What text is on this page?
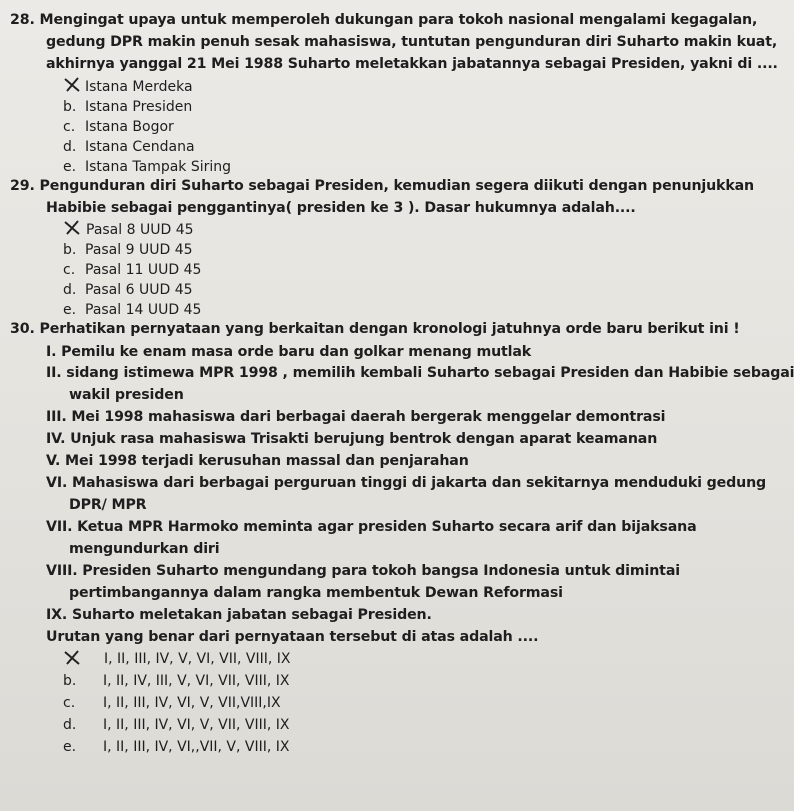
28. Mengingat upaya untuk memperoleh dukungan para tokoh nasional mengalami kegagalan,
gedung DPR makin penuh sesak mahasiswa, tuntutan pengunduran diri Suharto makin kuat,
akhirnya yanggal 21 Mei 1988 Suharto meletakkan jabatannya sebagai Presiden, yakni di ....
Istana Merdeka
b. Istana Presiden
c. Istana Bogor
d. Istana Cendana
e. Istana Tampak Siring
29. Pengunduran diri Suharto sebagai Presiden, kemudian segera diikuti dengan penunjukkan
Habibie sebagai penggantinya( presiden ke 3 ). Dasar hukumnya adalah....
Pasal 8 UUD 45
b. Pasal 9 UUD 45
c. Pasal 11 UUD 45
d. Pasal 6 UUD 45
e. Pasal 14 UUD 45
30. Perhatikan pernyataan yang berkaitan dengan kronologi jatuhnya orde baru berikut ini !
I. Pemilu ke enam masa orde baru dan golkar menang mutlak
II. sidang istimewa MPR 1998 , memilih kembali Suharto sebagai Presiden dan Habibie sebagai
wakil presiden
III. Mei 1998 mahasiswa dari berbagai daerah bergerak menggelar demontrasi
IV. Unjuk rasa mahasiswa Trisakti berujung bentrok dengan aparat keamanan
V. Mei 1998 terjadi kerusuhan massal dan penjarahan
VI. Mahasiswa dari berbagai perguruan tinggi di jakarta dan sekitarnya menduduki gedung
DPR/ MPR
VII. Ketua MPR Harmoko meminta agar presiden Suharto secara arif dan bijaksana
mengundurkan diri
VIII. Presiden Suharto mengundang para tokoh bangsa Indonesia untuk dimintai
pertimbangannya dalam rangka membentuk Dewan Reformasi
IX. Suharto meletakan jabatan sebagai Presiden.
Urutan yang benar dari pernyataan tersebut di atas adalah ....
I, II, III, IV, V, VI, VII, VIII, IX
b. I, II, IV, III, V, VI, VII, VIII, IX
c. I, II, III, IV, VI, V, VII,VIII,IX
d. I, II, III, IV, VI, V, VII, VIII, IX
e. I, II, III, IV, VI,,VII, V, VIII, IX
